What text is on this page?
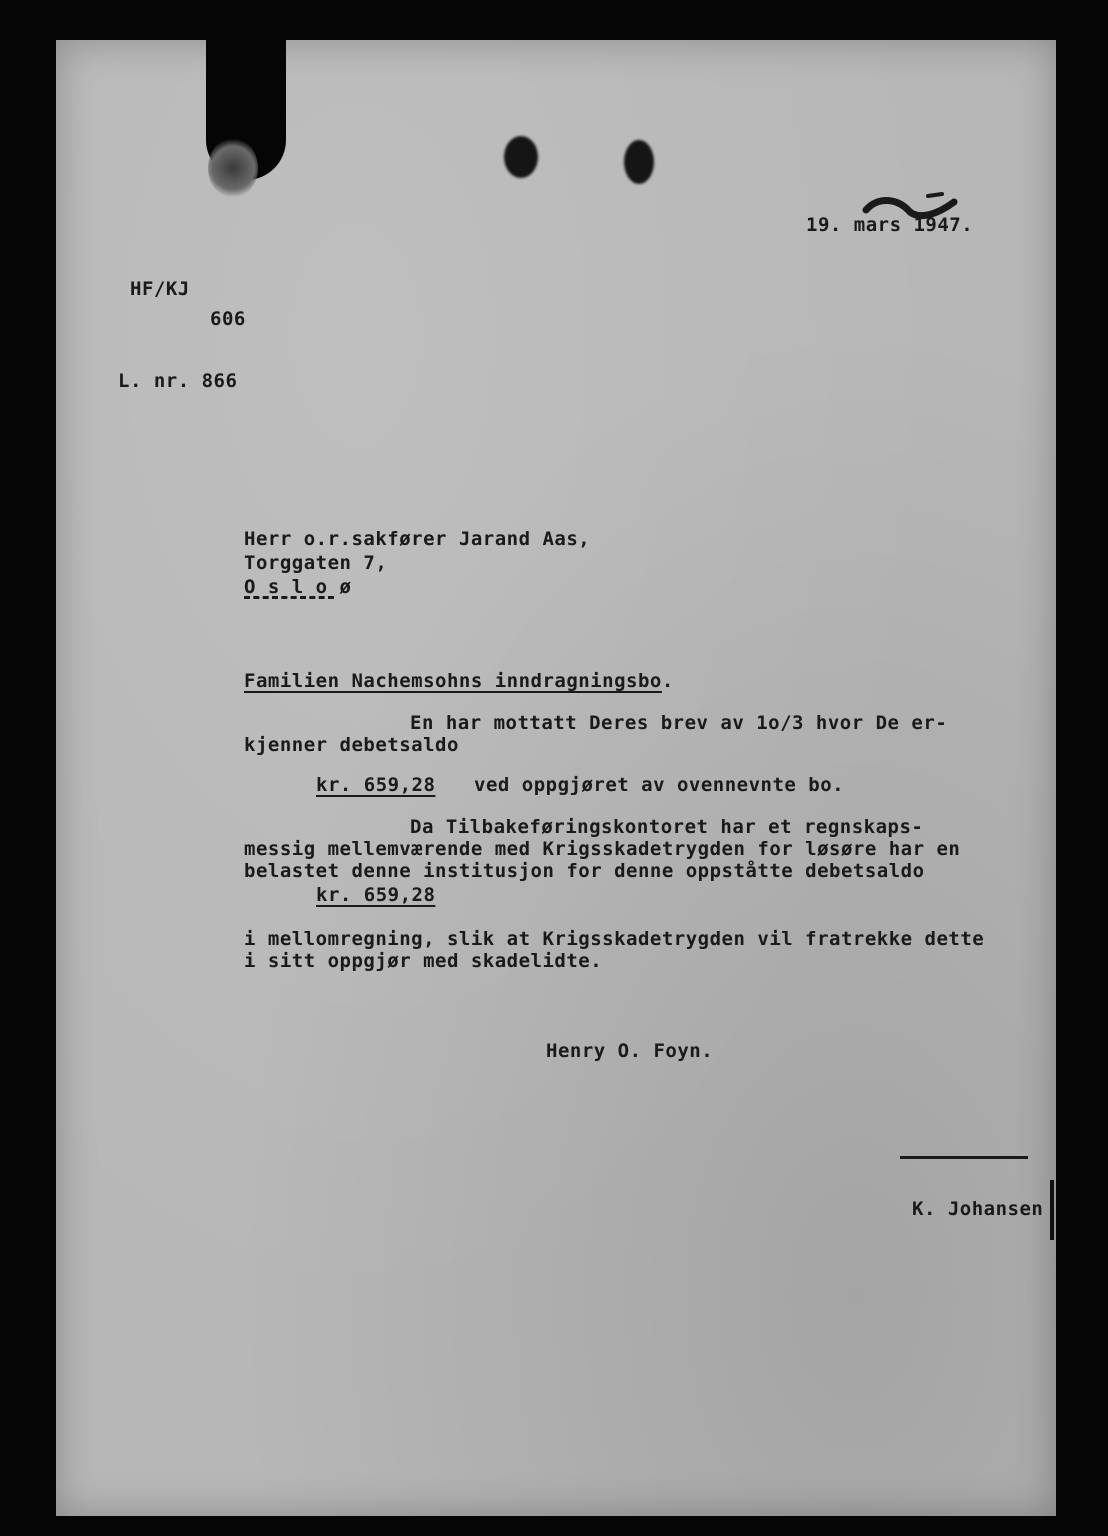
19. mars 1947.
HF/KJ
606
L. nr. 866
Herr o.r.sakfører Jarand Aas,
Torggaten 7,
O s l o ø
Familien Nachemsohns inndragningsbo.
En har mottatt Deres brev av 1o/3 hvor De er-
kjenner debetsaldo
kr. 659,28 ved oppgjøret av ovennevnte bo.
Da Tilbakeføringskontoret har et regnskaps-
messig mellemværende med Krigsskadetrygden for løsøre har en
belastet denne institusjon for denne oppståtte debetsaldo
kr. 659,28
i mellomregning, slik at Krigsskadetrygden vil fratrekke dette
i sitt oppgjør med skadelidte.
Henry O. Foyn.
K. Johansen
